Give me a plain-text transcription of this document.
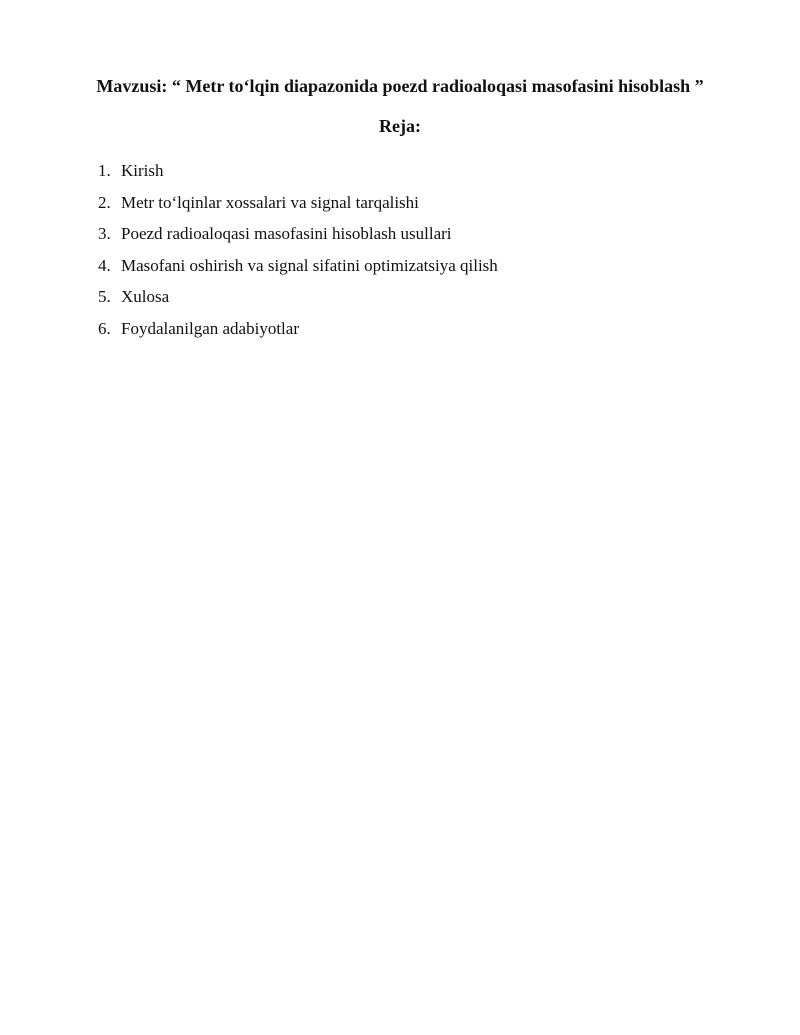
Mavzusi: “ Metr to‘lqin diapazonida poezd radioaloqasi masofasini hisoblash ”
Reja:
1. Kirish
2. Metr to‘lqinlar xossalari va signal tarqalishi
3. Poezd radioaloqasi masofasini hisoblash usullari
4. Masofani oshirish va signal sifatini optimizatsiya qilish
5. Xulosa
6. Foydalanilgan adabiyotlar
